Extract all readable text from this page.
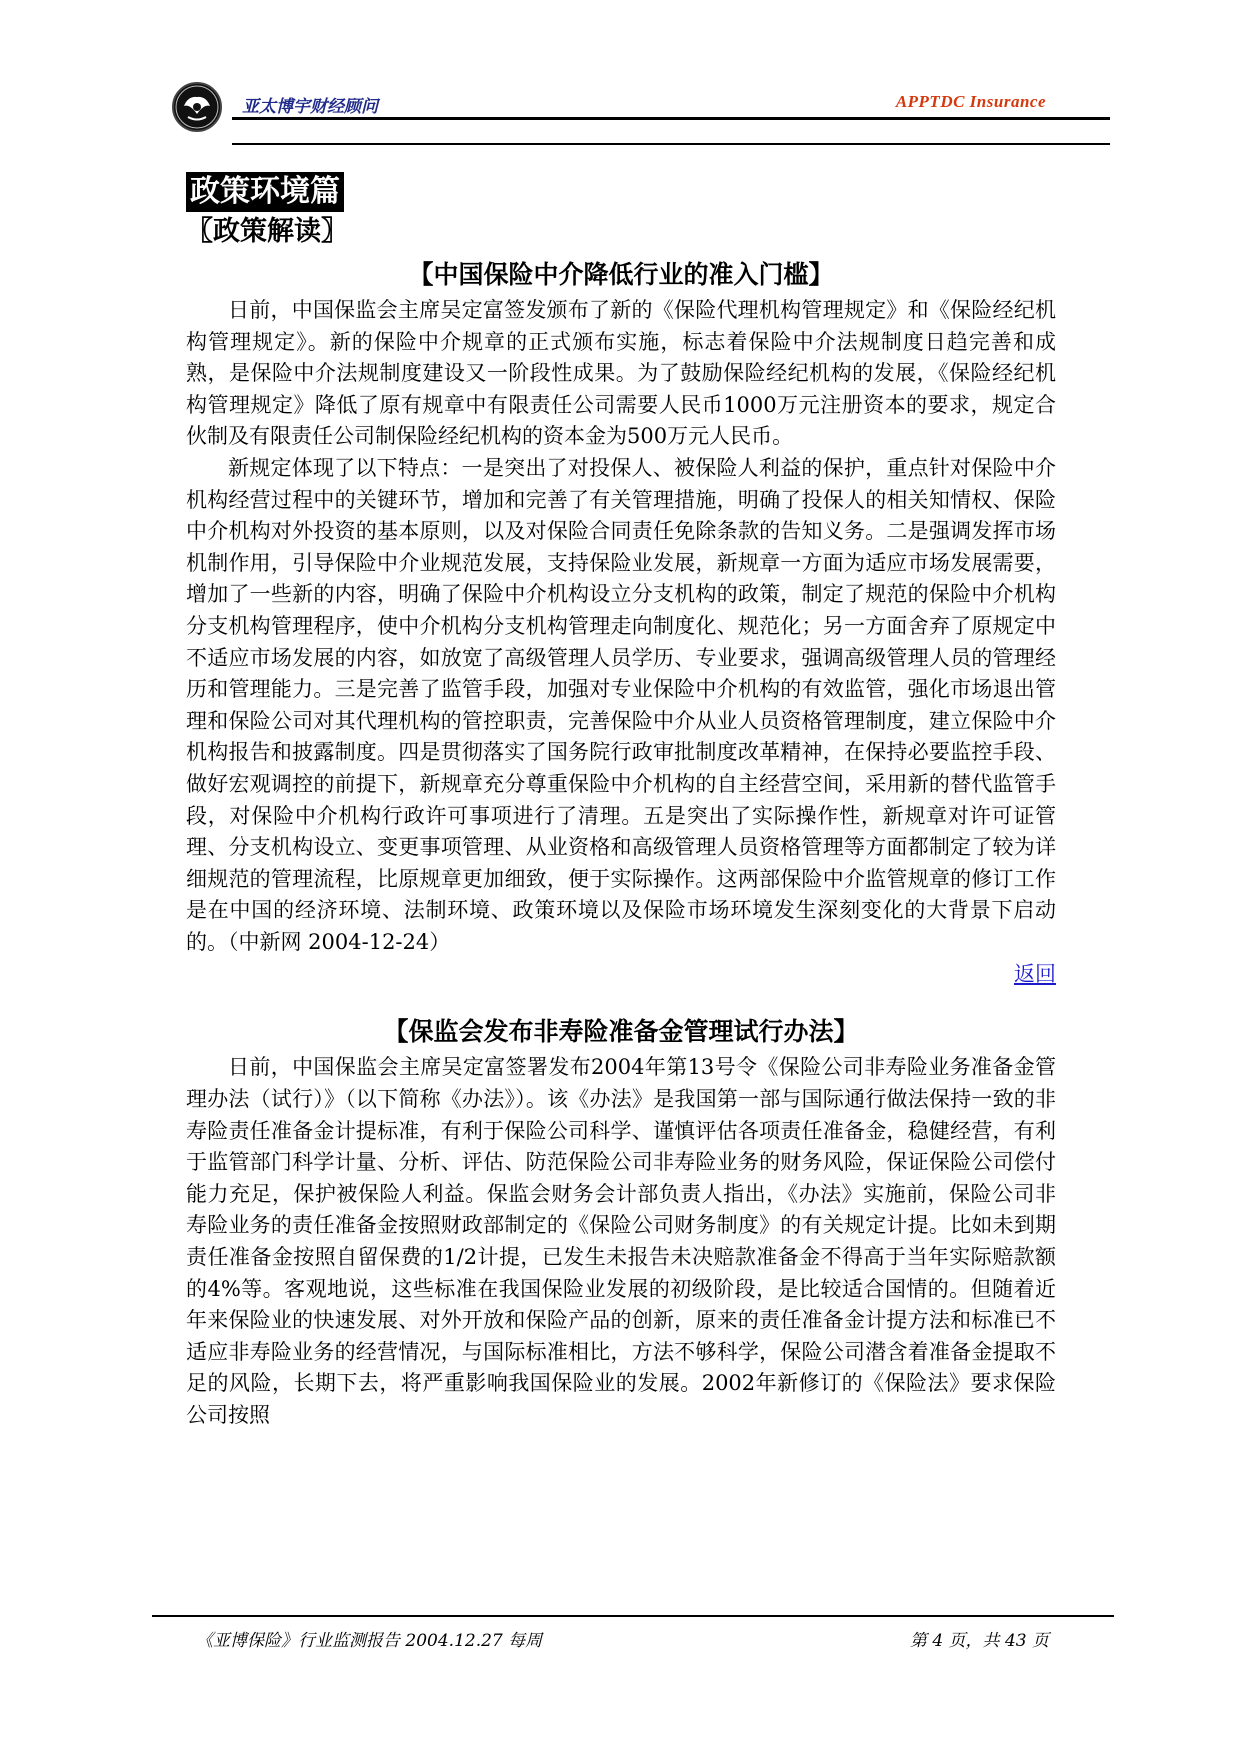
亚太博宇财经顾问	APPTDC Insurance
政策环境篇
〖政策解读〗
【中国保险中介降低行业的准入门槛】

日前，中国保监会主席吴定富签发颁布了新的《保险代理机构管理规定》和《保险经纪机构管理规定》。新的保险中介规章的正式颁布实施，标志着保险中介法规制度日趋完善和成熟，是保险中介法规制度建设又一阶段性成果。为了鼓励保险经纪机构的发展，《保险经纪机构管理规定》降低了原有规章中有限责任公司需要人民币1000万元注册资本的要求，规定合伙制及有限责任公司制保险经纪机构的资本金为500万元人民币。

新规定体现了以下特点：一是突出了对投保人、被保险人利益的保护，重点针对保险中介机构经营过程中的关键环节，增加和完善了有关管理措施，明确了投保人的相关知情权、保险中介机构对外投资的基本原则，以及对保险合同责任免除条款的告知义务。二是强调发挥市场机制作用，引导保险中介业规范发展，支持保险业发展，新规章一方面为适应市场发展需要，增加了一些新的内容，明确了保险中介机构设立分支机构的政策，制定了规范的保险中介机构分支机构管理程序，使中介机构分支机构管理走向制度化、规范化；另一方面舍弃了原规定中不适应市场发展的内容，如放宽了高级管理人员学历、专业要求，强调高级管理人员的管理经历和管理能力。三是完善了监管手段，加强对专业保险中介机构的有效监管，强化市场退出管理和保险公司对其代理机构的管控职责，完善保险中介从业人员资格管理制度，建立保险中介机构报告和披露制度。四是贯彻落实了国务院行政审批制度改革精神，在保持必要监控手段、做好宏观调控的前提下，新规章充分尊重保险中介机构的自主经营空间，采用新的替代监管手段，对保险中介机构行政许可事项进行了清理。五是突出了实际操作性，新规章对许可证管理、分支机构设立、变更事项管理、从业资格和高级管理人员资格管理等方面都制定了较为详细规范的管理流程，比原规章更加细致，便于实际操作。这两部保险中介监管规章的修订工作是在中国的经济环境、法制环境、政策环境以及保险市场环境发生深刻变化的大背景下启动的。（中新网 2004-12-24）

返回
【保监会发布非寿险准备金管理试行办法】

日前，中国保监会主席吴定富签署发布2004年第13号令《保险公司非寿险业务准备金管理办法（试行）》（以下简称《办法》）。该《办法》是我国第一部与国际通行做法保持一致的非寿险责任准备金计提标准，有利于保险公司科学、谨慎评估各项责任准备金，稳健经营，有利于监管部门科学计量、分析、评估、防范保险公司非寿险业务的财务风险，保证保险公司偿付能力充足，保护被保险人利益。保监会财务会计部负责人指出，《办法》实施前，保险公司非寿险业务的责任准备金按照财政部制定的《保险公司财务制度》的有关规定计提。比如未到期责任准备金按照自留保费的1/2计提，已发生未报告未决赔款准备金不得高于当年实际赔款额的4%等。客观地说，这些标准在我国保险业发展的初级阶段，是比较适合国情的。但随着近年来保险业的快速发展、对外开放和保险产品的创新，原来的责任准备金计提方法和标准已不适应非寿险业务的经营情况，与国际标准相比，方法不够科学，保险公司潜含着准备金提取不足的风险，长期下去，将严重影响我国保险业的发展。2002年新修订的《保险法》要求保险公司按照

《亚博保险》行业监测报告 2004.12.27 每周	第 4 页，共 43 页
